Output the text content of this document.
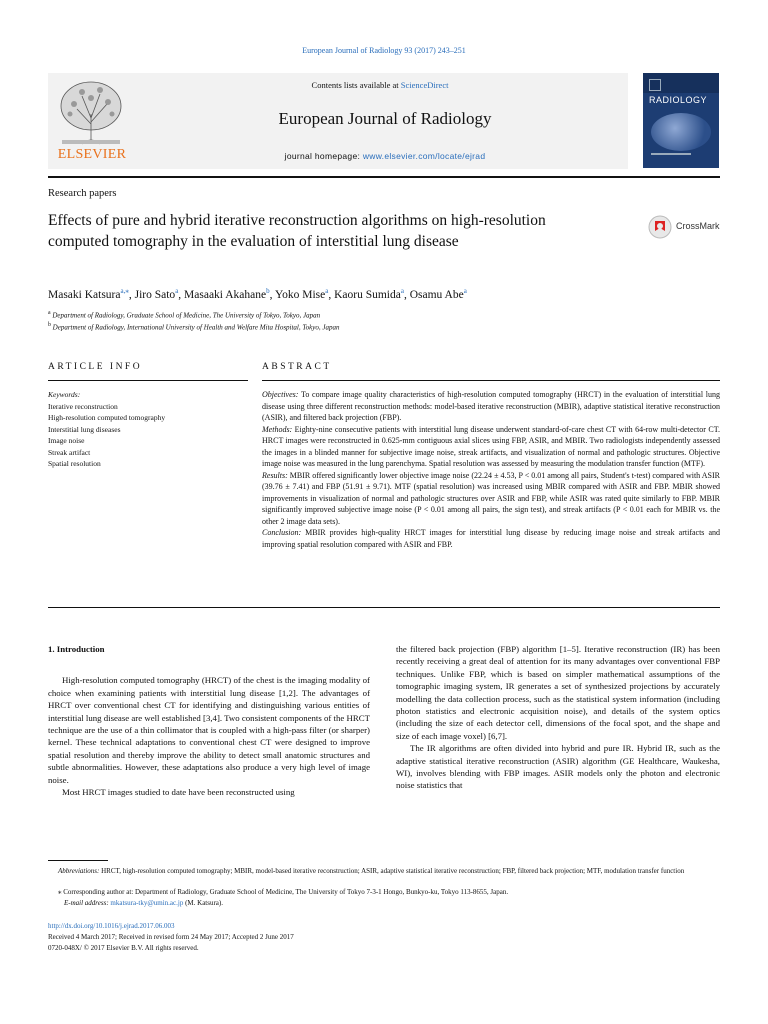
European Journal of Radiology 93 (2017) 243–251
ELSEVIER
Contents lists available at ScienceDirect
European Journal of Radiology
journal homepage: www.elsevier.com/locate/ejrad
RADIOLOGY
Research papers
Effects of pure and hybrid iterative reconstruction algorithms on high-resolution computed tomography in the evaluation of interstitial lung disease
CrossMark
Masaki Katsura$^{a,⁎}$, Jiro Sato$^a$, Masaaki Akahane$^b$, Yoko Mise$^a$, Kaoru Sumida$^a$, Osamu Abe$^a$
$^a$ Department of Radiology, Graduate School of Medicine, The University of Tokyo, Tokyo, Japan
$^b$ Department of Radiology, International University of Health and Welfare Mita Hospital, Tokyo, Japan
ARTICLE INFO	ABSTRACT
Keywords:
Iterative reconstruction
High-resolution computed tomography
Interstitial lung diseases
Image noise
Streak artifact
Spatial resolution
Objectives: To compare image quality characteristics of high-resolution computed tomography (HRCT) in the evaluation of interstitial lung disease using three different reconstruction methods: model-based iterative reconstruction (MBIR), adaptive statistical iterative reconstruction (ASIR), and filtered back projection (FBP).
Methods: Eighty-nine consecutive patients with interstitial lung disease underwent standard-of-care chest CT with 64-row multi-detector CT. HRCT images were reconstructed in 0.625-mm contiguous axial slices using FBP, ASIR, and MBIR. Two radiologists independently assessed the images in a blinded manner for subjective image noise, streak artifacts, and visualization of normal and pathologic structures. Objective image noise was measured in the lung parenchyma. Spatial resolution was assessed by measuring the modulation transfer function (MTF).
Results: MBIR offered significantly lower objective image noise (22.24 ± 4.53, P < 0.01 among all pairs, Student's t-test) compared with ASIR (39.76 ± 7.41) and FBP (51.91 ± 9.71). MTF (spatial resolution) was increased using MBIR compared with ASIR and FBP. MBIR showed improvements in visualization of normal and pathologic structures over ASIR and FBP, while ASIR was rated quite similarly to FBP. MBIR significantly improved subjective image noise (P < 0.01 among all pairs, the sign test), and streak artifacts (P < 0.01 each for MBIR vs. the other 2 image data sets).
Conclusion: MBIR provides high-quality HRCT images for interstitial lung disease by reducing image noise and streak artifacts and improving spatial resolution compared with ASIR and FBP.
1. Introduction

High-resolution computed tomography (HRCT) of the chest is the imaging modality of choice when examining patients with interstitial lung disease [1,2]. The advantages of HRCT over conventional chest CT for identifying and distinguishing various entities of interstitial lung disease are well established [3,4]. Two consistent components of the HRCT technique are the use of a thin collimator that is coupled with a high-pass filter (or sharper) kernel. These technical adaptations to conventional chest CT were designed to improve spatial resolution and thereby improve the ability to detect small anatomic structures and subtle abnormalities. However, these adaptations also produce a very high level of image noise.

Most HRCT images studied to date have been reconstructed using

the filtered back projection (FBP) algorithm [1–5]. Iterative reconstruction (IR) has been recently receiving a great deal of attention for its many advantages over conventional FBP techniques. Unlike FBP, which is based on simpler mathematical assumptions of the tomographic imaging system, IR generates a set of synthesized projections by accurately modelling the data collection process, such as the statistical system information (including photon statistics and electronic acquisition noise), and details of the system optics (including the size of each detector cell, dimensions of the focal spot, and the shape and size of each image voxel) [6,7].

The IR algorithms are often divided into hybrid and pure IR. Hybrid IR, such as the adaptive statistical iterative reconstruction (ASIR) algorithm (GE Healthcare, Waukesha, WI), involves blending with FBP images. ASIR models only the photon and electronic noise statistics that

Abbreviations: HRCT, high-resolution computed tomography; MBIR, model-based iterative reconstruction; ASIR, adaptive statistical iterative reconstruction; FBP, filtered back projection; MTF, modulation transfer function
⁎ Corresponding author at: Department of Radiology, Graduate School of Medicine, The University of Tokyo 7-3-1 Hongo, Bunkyo-ku, Tokyo 113-8655, Japan.
E-mail address: mkatsura-tky@umin.ac.jp (M. Katsura).
http://dx.doi.org/10.1016/j.ejrad.2017.06.003
Received 4 March 2017; Received in revised form 24 May 2017; Accepted 2 June 2017
0720-048X/ © 2017 Elsevier B.V. All rights reserved.
